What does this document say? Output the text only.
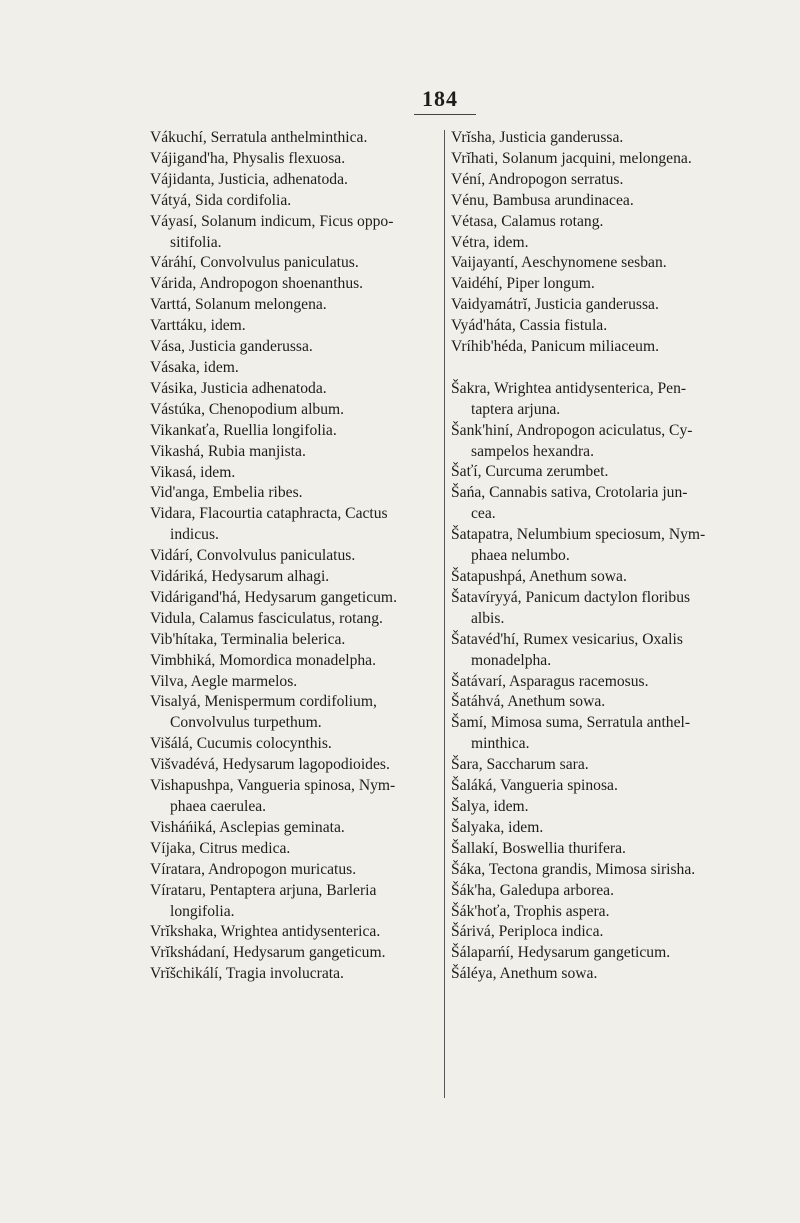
184
Vákuchí, Serratula anthelminthica.
Vájigand'ha, Physalis flexuosa.
Vájidanta, Justicia, adhenatoda.
Vátyá, Sida cordifolia.
Váyasí, Solanum indicum, Ficus oppo-
sitifolia.
Váráhí, Convolvulus paniculatus.
Várida, Andropogon shoenanthus.
Varttá, Solanum melongena.
Varttáku, idem.
Vása, Justicia ganderussa.
Vásaka, idem.
Vásika, Justicia adhenatoda.
Vástúka, Chenopodium album.
Vikankaťa, Ruellia longifolia.
Vikashá, Rubia manjista.
Vikasá, idem.
Vid'anga, Embelia ribes.
Vidara, Flacourtia cataphracta, Cactus
indicus.
Vidárí, Convolvulus paniculatus.
Vidáriká, Hedysarum alhagi.
Vidárigand'há, Hedysarum gangeticum.
Vidula, Calamus fasciculatus, rotang.
Vib'hítaka, Terminalia belerica.
Vimbhiká, Momordica monadelpha.
Vilva, Aegle marmelos.
Visalyá, Menispermum cordifolium,
Convolvulus turpethum.
Višálá, Cucumis colocynthis.
Višvadévá, Hedysarum lagopodioides.
Vishapushpa, Vangueria spinosa, Nym-
phaea caerulea.
Visháńiká, Asclepias geminata.
Víjaka, Citrus medica.
Víratara, Andropogon muricatus.
Vírataru, Pentaptera arjuna, Barleria
longifolia.
Vrĭkshaka, Wrightea antidysenterica.
Vrĭkshádaní, Hedysarum gangeticum.
Vrĭšchikálí, Tragia involucrata.
Vrĭsha, Justicia ganderussa.
Vrĭhati, Solanum jacquini, melongena.
Véní, Andropogon serratus.
Vénu, Bambusa arundinacea.
Vétasa, Calamus rotang.
Vétra, idem.
Vaijayantí, Aeschynomene sesban.
Vaidéhí, Piper longum.
Vaidyamátrĭ, Justicia ganderussa.
Vyád'háta, Cassia fistula.
Vríhib'héda, Panicum miliaceum.
Šakra, Wrightea antidysenterica, Pen-
taptera arjuna.
Šank'hiní, Andropogon aciculatus, Cy-
sampelos hexandra.
Šaťí, Curcuma zerumbet.
Šańa, Cannabis sativa, Crotolaria jun-
cea.
Šatapatra, Nelumbium speciosum, Nym-
phaea nelumbo.
Šatapushpá, Anethum sowa.
Šatavíryyá, Panicum dactylon floribus
albis.
Šatavéd'hí, Rumex vesicarius, Oxalis
monadelpha.
Šatávarí, Asparagus racemosus.
Šatáhvá, Anethum sowa.
Šamí, Mimosa suma, Serratula anthel-
minthica.
Šara, Saccharum sara.
Šaláká, Vangueria spinosa.
Šalya, idem.
Šalyaka, idem.
Šallakí, Boswellia thurifera.
Šáka, Tectona grandis, Mimosa sirisha.
Šák'ha, Galedupa arborea.
Šák'hoťa, Trophis aspera.
Šárivá, Periploca indica.
Šálaparńí, Hedysarum gangeticum.
Šáléya, Anethum sowa.
